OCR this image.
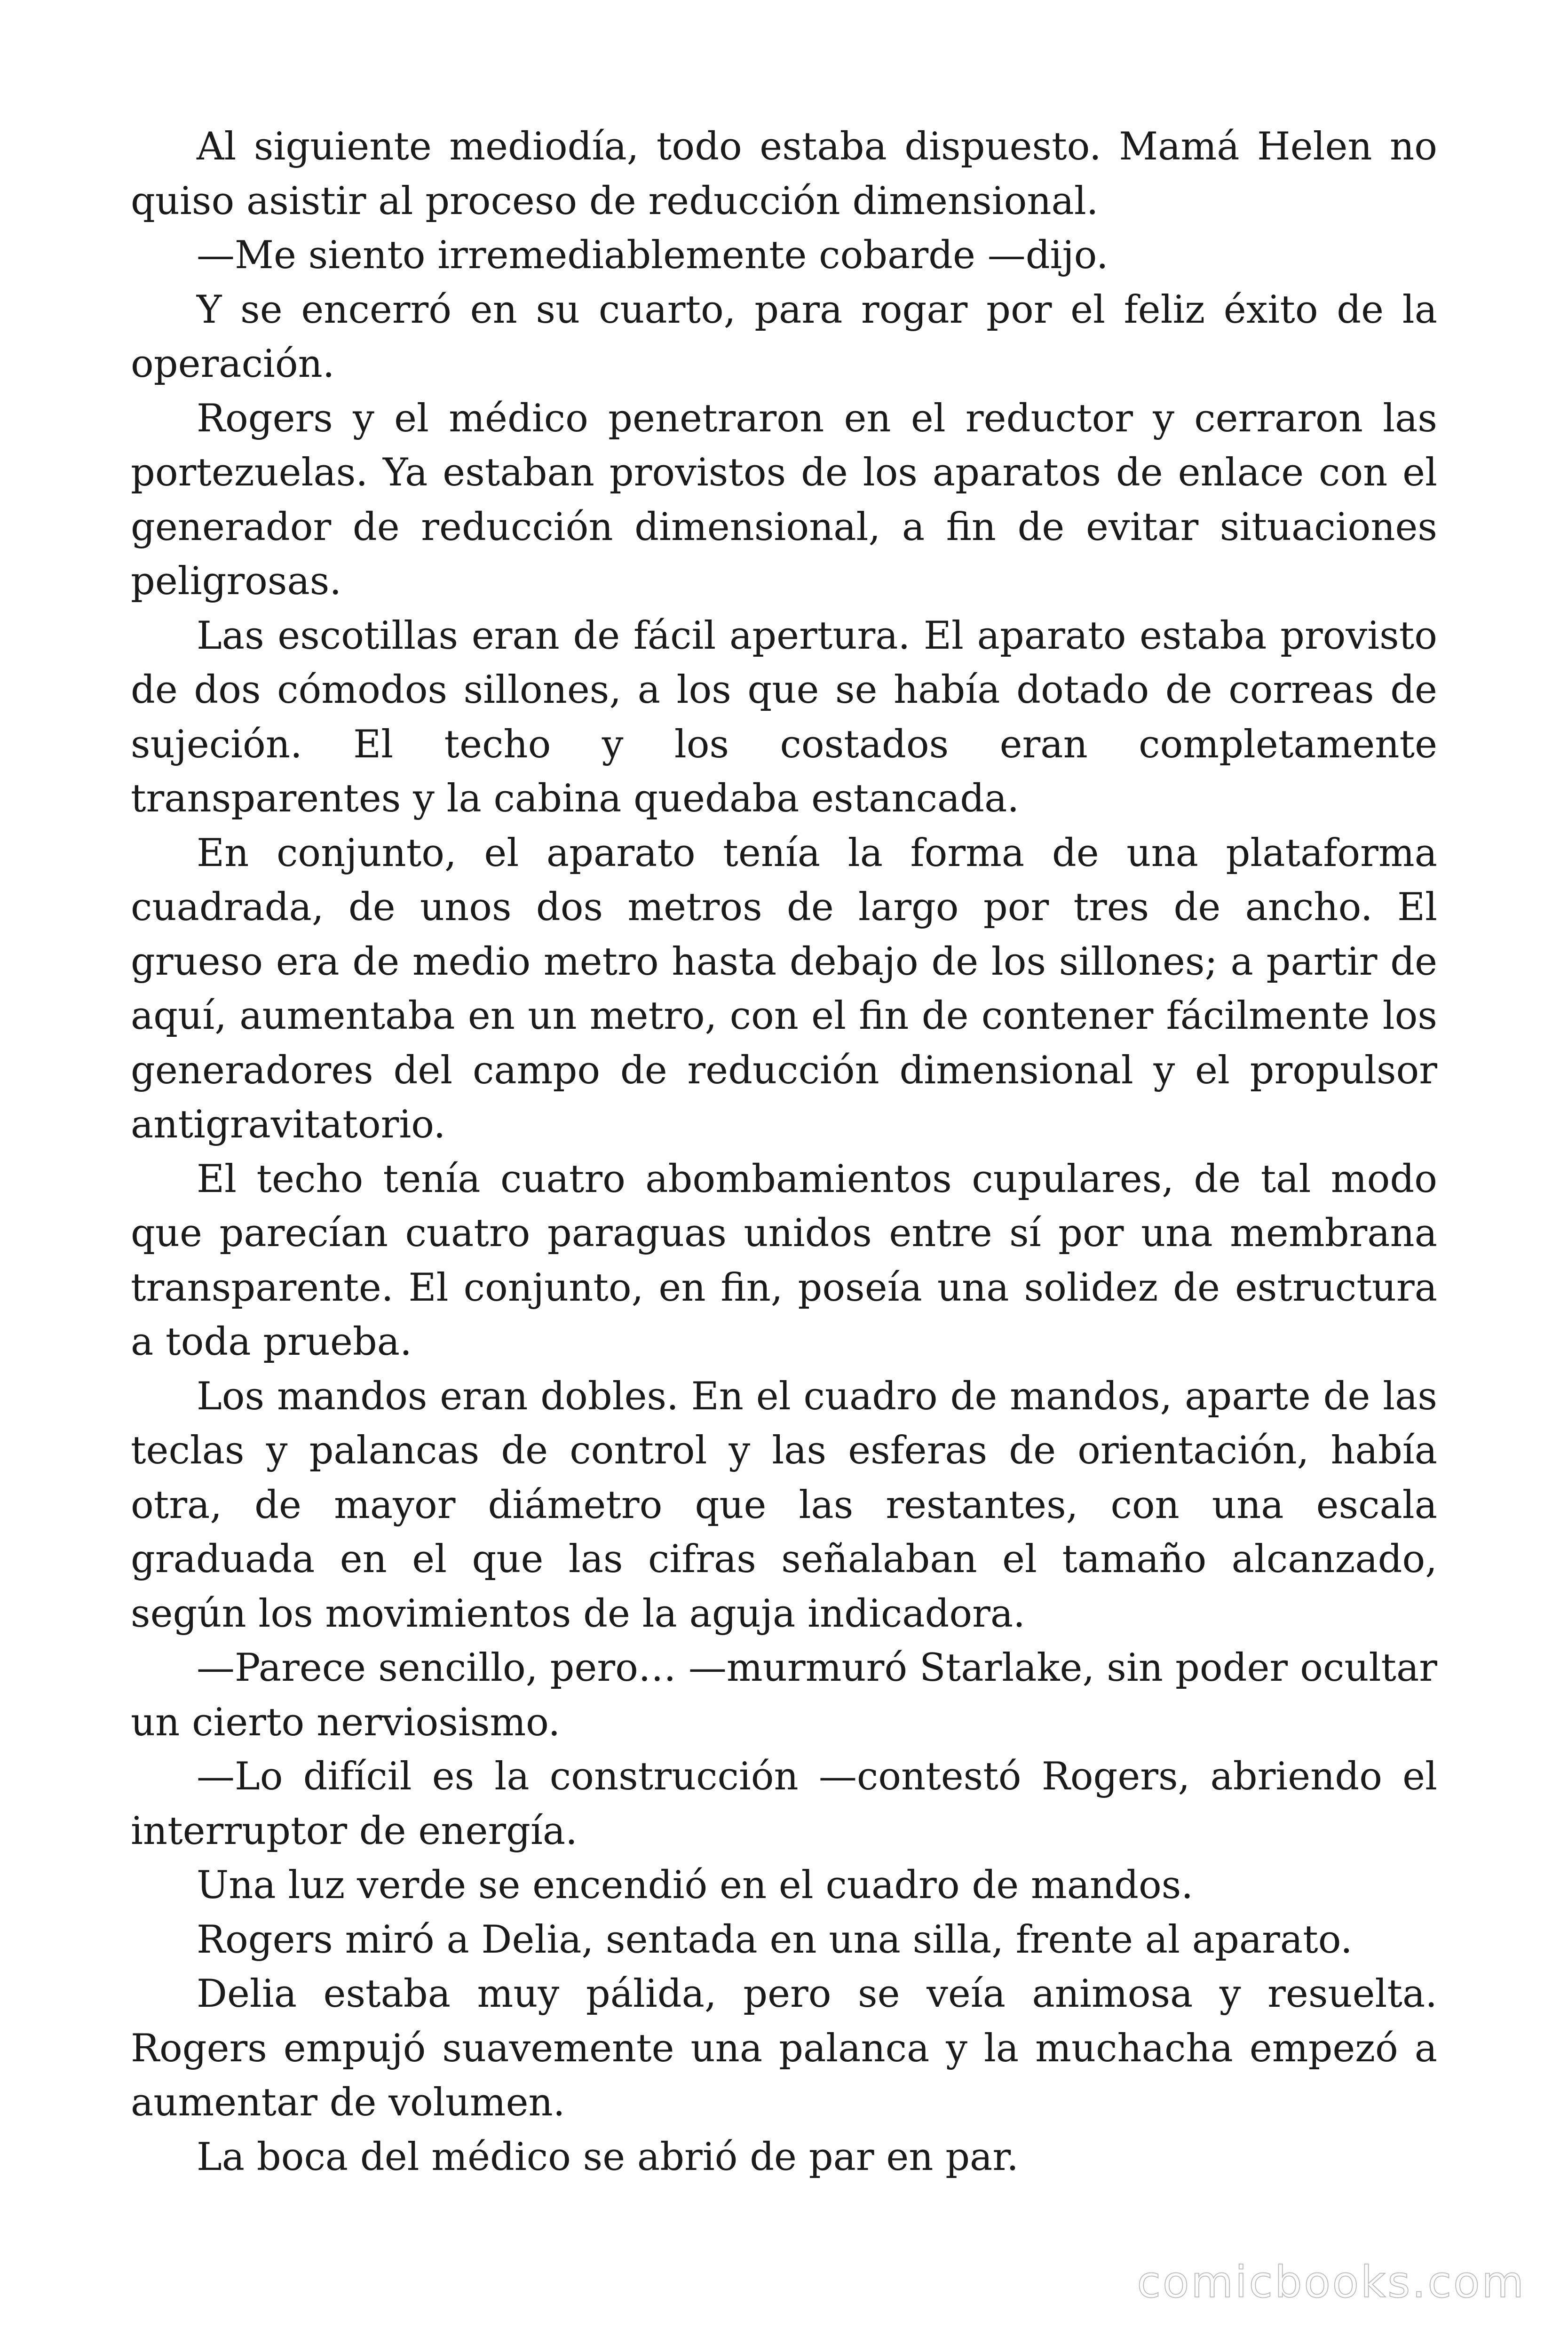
Al siguiente mediodía, todo estaba dispuesto. Mamá Helen no quiso asistir al proceso de reducción dimensional.

—Me siento irremediablemente cobarde —dijo.

Y se encerró en su cuarto, para rogar por el feliz éxito de la operación.

Rogers y el médico penetraron en el reductor y cerraron las portezuelas. Ya estaban provistos de los aparatos de enlace con el generador de reducción dimensional, a fin de evitar situaciones peligrosas.

Las escotillas eran de fácil apertura. El aparato estaba provisto de dos cómodos sillones, a los que se había dotado de correas de sujeción. El techo y los costados eran completamente transparentes y la cabina quedaba estancada.

En conjunto, el aparato tenía la forma de una plataforma cuadrada, de unos dos metros de largo por tres de ancho. El grueso era de medio metro hasta debajo de los sillones; a partir de aquí, aumentaba en un metro, con el fin de contener fácilmente los generadores del campo de reducción dimensional y el propulsor antigravitatorio.

El techo tenía cuatro abombamientos cupulares, de tal modo que parecían cuatro paraguas unidos entre sí por una membrana transparente. El conjunto, en fin, poseía una solidez de estructura a toda prueba.

Los mandos eran dobles. En el cuadro de mandos, aparte de las teclas y palancas de control y las esferas de orientación, había otra, de mayor diámetro que las restantes, con una escala graduada en el que las cifras señalaban el tamaño alcanzado, según los movimientos de la aguja indicadora.

—Parece sencillo, pero… —murmuró Starlake, sin poder ocultar un cierto nerviosismo.

—Lo difícil es la construcción —contestó Rogers, abriendo el interruptor de energía.

Una luz verde se encendió en el cuadro de mandos.

Rogers miró a Delia, sentada en una silla, frente al aparato.

Delia estaba muy pálida, pero se veía animosa y resuelta. Rogers empujó suavemente una palanca y la muchacha empezó a aumentar de volumen.

La boca del médico se abrió de par en par.

comicbooks.com
